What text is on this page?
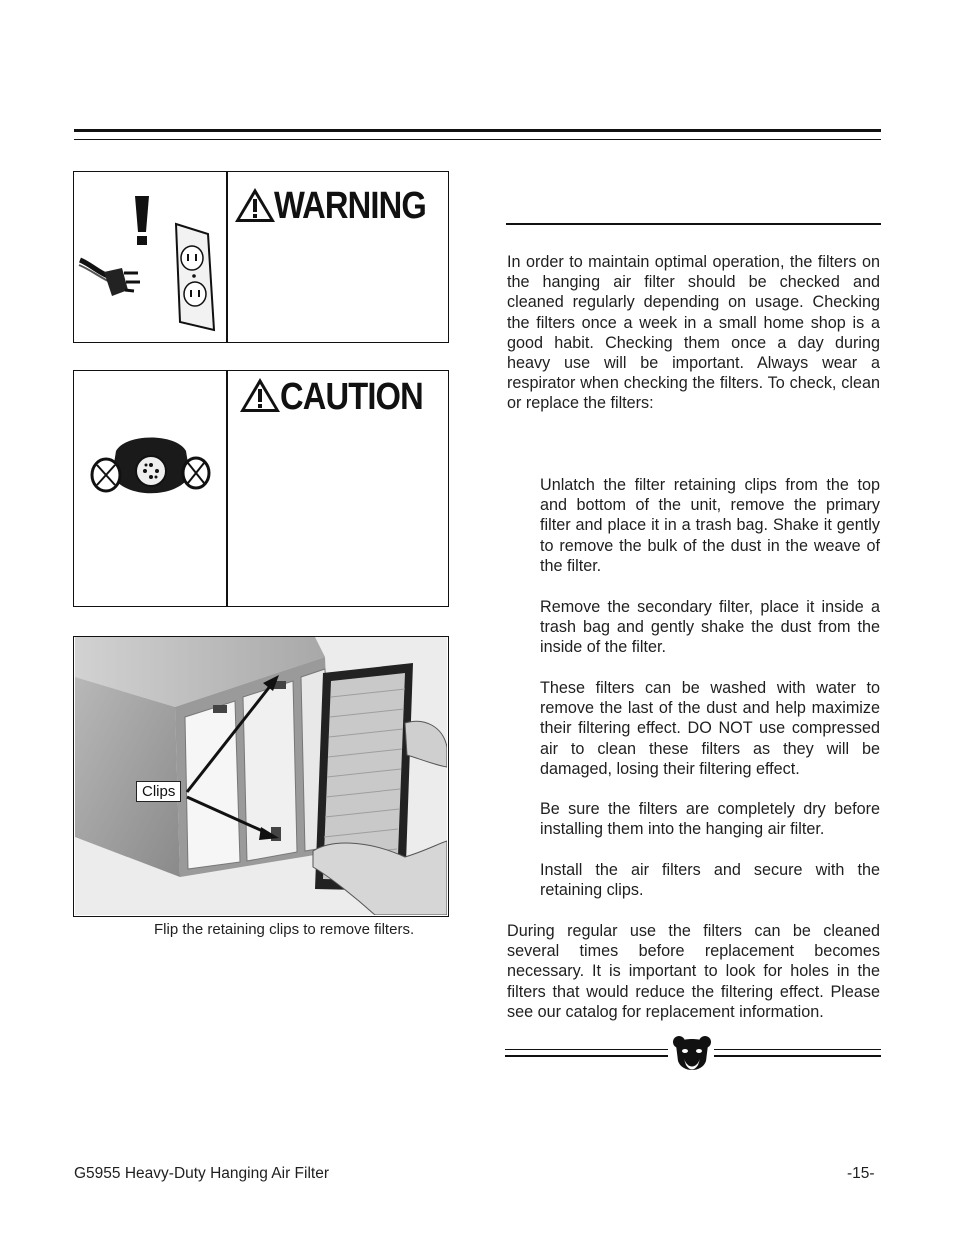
WARNING
CAUTION
Clips
Flip the retaining clips to remove filters.
In order to maintain optimal operation, the filters on the hanging air filter should be checked and cleaned regularly depending on usage. Checking the filters once a week in a small home shop is a good habit. Checking them once a day during heavy use will be important. Always wear a respirator when checking the filters. To check, clean or replace the filters:
Unlatch the filter retaining clips from the top and bottom of the unit, remove the primary filter and place it in a trash bag. Shake it gently to remove the bulk of the dust in the weave of the filter.
Remove the secondary filter, place it inside a trash bag and gently shake the dust from the inside of the filter.
These filters can be washed with water to remove the last of the dust and help maximize their filtering effect. DO NOT use compressed air to clean these filters as they will be damaged, losing their filtering effect.
Be sure the filters are completely dry before installing them into the hanging air filter.
Install the air filters and secure with the retaining clips.
During regular use the filters can be cleaned several times before replacement becomes necessary. It is important to look for holes in the filters that would reduce the filtering effect. Please see our catalog for replacement information.
G5955 Heavy-Duty Hanging Air Filter	-15-
